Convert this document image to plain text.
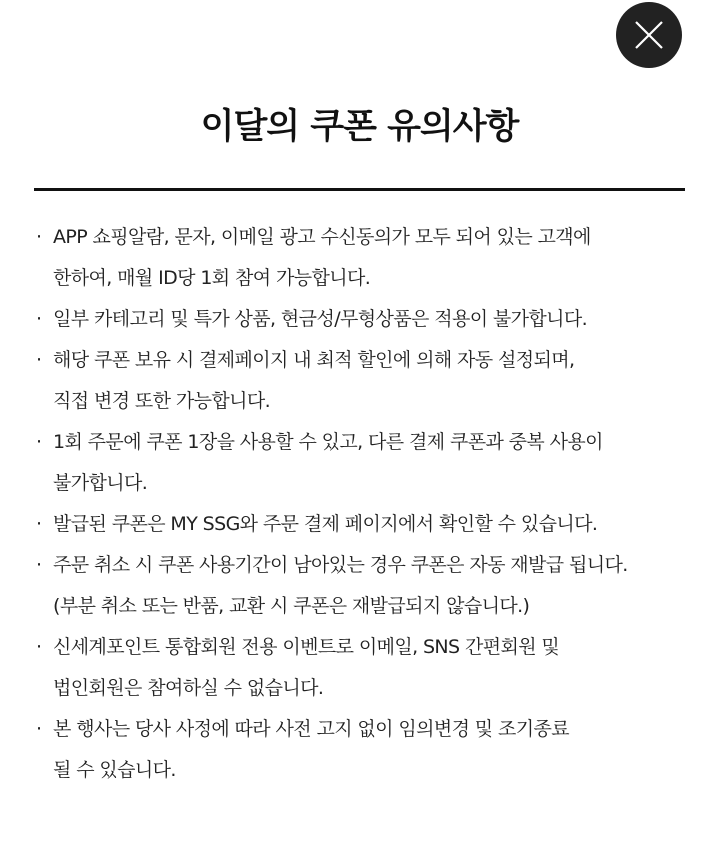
이달의 쿠폰 유의사항
· APP 쇼핑알람, 문자, 이메일 광고 수신동의가 모두 되어 있는 고객에
한하여, 매월 ID당 1회 참여 가능합니다.
· 일부 카테고리 및 특가 상품, 현금성/무형상품은 적용이 불가합니다.
· 해당 쿠폰 보유 시 결제페이지 내 최적 할인에 의해 자동 설정되며,
직접 변경 또한 가능합니다.
· 1회 주문에 쿠폰 1장을 사용할 수 있고, 다른 결제 쿠폰과 중복 사용이
불가합니다.
· 발급된 쿠폰은 MY SSG와 주문 결제 페이지에서 확인할 수 있습니다.
· 주문 취소 시 쿠폰 사용기간이 남아있는 경우 쿠폰은 자동 재발급 됩니다.
(부분 취소 또는 반품, 교환 시 쿠폰은 재발급되지 않습니다.)
· 신세계포인트 통합회원 전용 이벤트로 이메일, SNS 간편회원 및
법인회원은 참여하실 수 없습니다.
· 본 행사는 당사 사정에 따라 사전 고지 없이 임의변경 및 조기종료
될 수 있습니다.
